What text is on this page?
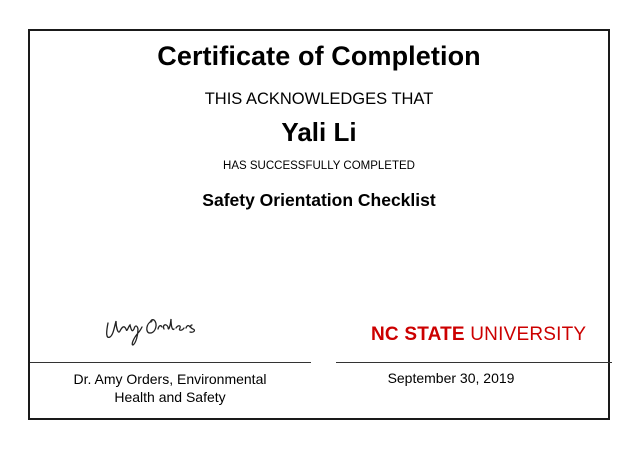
Certificate of Completion
THIS ACKNOWLEDGES THAT
Yali Li
HAS SUCCESSFULLY COMPLETED
Safety Orientation Checklist
NC STATE UNIVERSITY
Dr. Amy Orders, Environmental Health and Safety
September 30, 2019
